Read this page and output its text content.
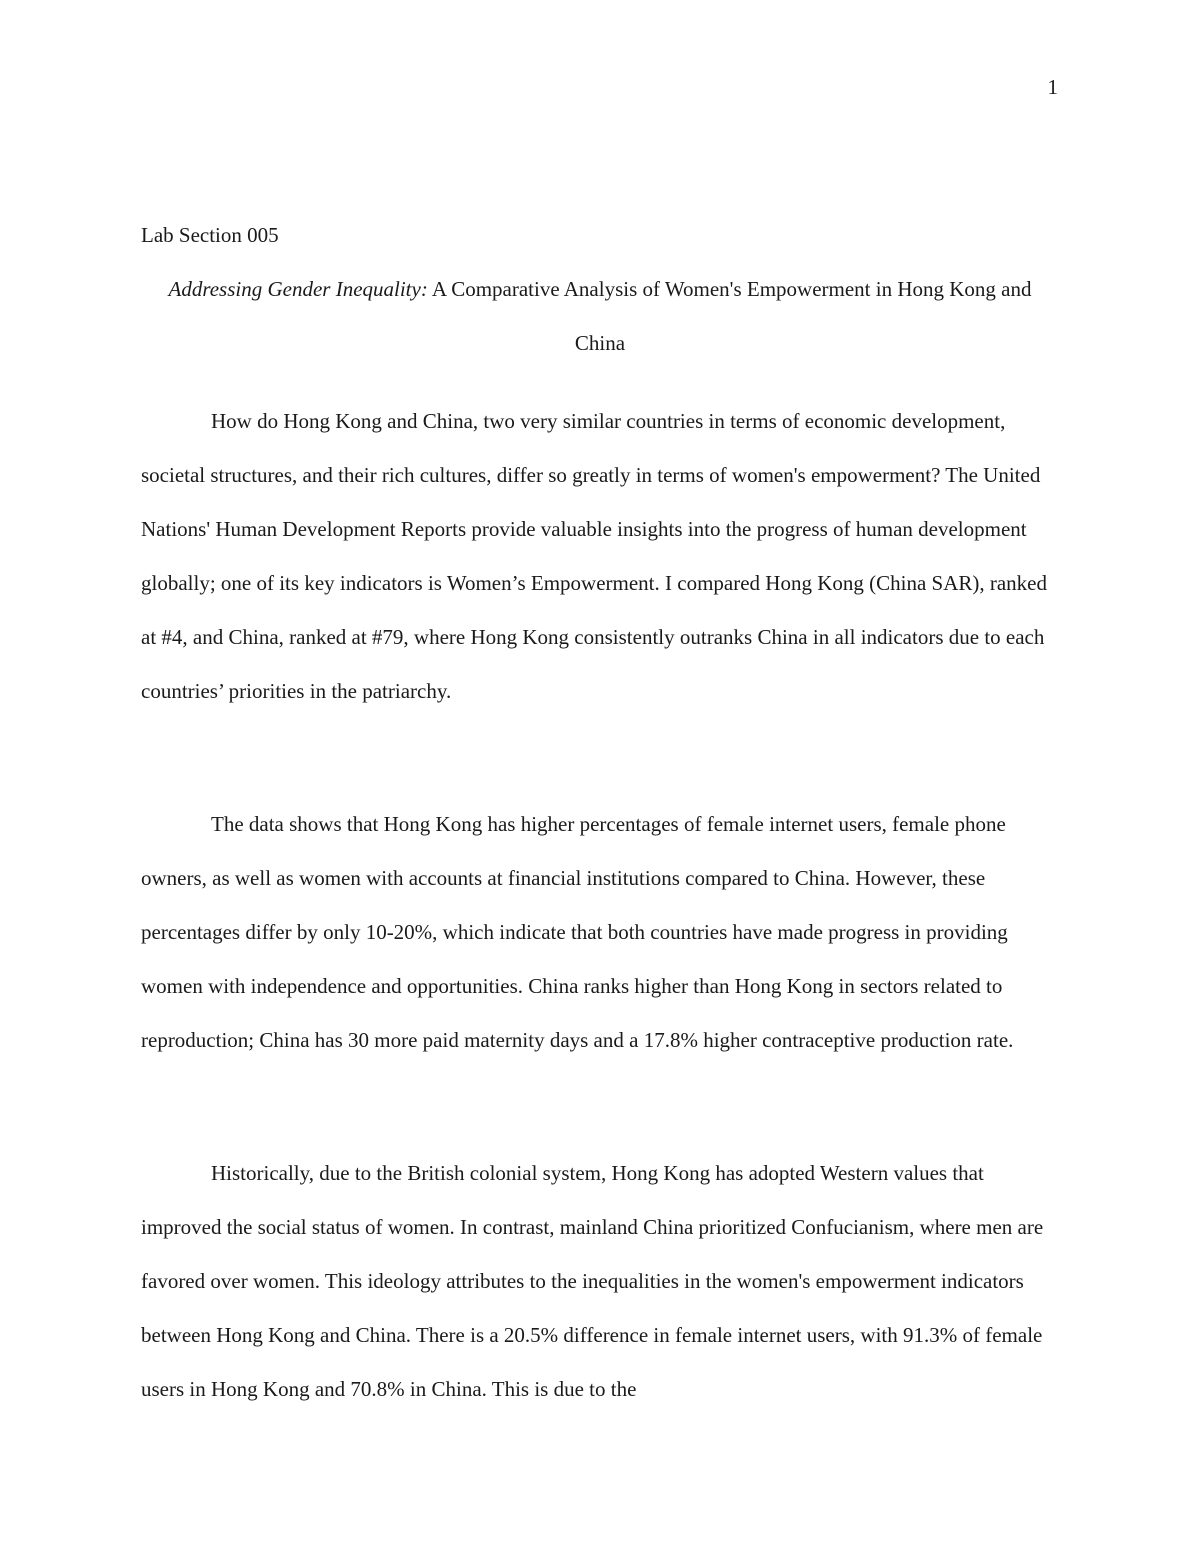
1

Lab Section 005

Addressing Gender Inequality: A Comparative Analysis of Women's Empowerment in Hong Kong and China

How do Hong Kong and China, two very similar countries in terms of economic development, societal structures, and their rich cultures, differ so greatly in terms of women's empowerment? The United Nations' Human Development Reports provide valuable insights into the progress of human development globally; one of its key indicators is Women’s Empowerment. I compared Hong Kong (China SAR), ranked at #4, and China, ranked at #79, where Hong Kong consistently outranks China in all indicators due to each countries’ priorities in the patriarchy.

The data shows that Hong Kong has higher percentages of female internet users, female phone owners, as well as women with accounts at financial institutions compared to China. However, these percentages differ by only 10-20%, which indicate that both countries have made progress in providing women with independence and opportunities. China ranks higher than Hong Kong in sectors related to reproduction; China has 30 more paid maternity days and a 17.8% higher contraceptive production rate.

Historically, due to the British colonial system, Hong Kong has adopted Western values that improved the social status of women. In contrast, mainland China prioritized Confucianism, where men are favored over women. This ideology attributes to the inequalities in the women's empowerment indicators between Hong Kong and China. There is a 20.5% difference in female internet users, with 91.3% of female users in Hong Kong and 70.8% in China. This is due to the
